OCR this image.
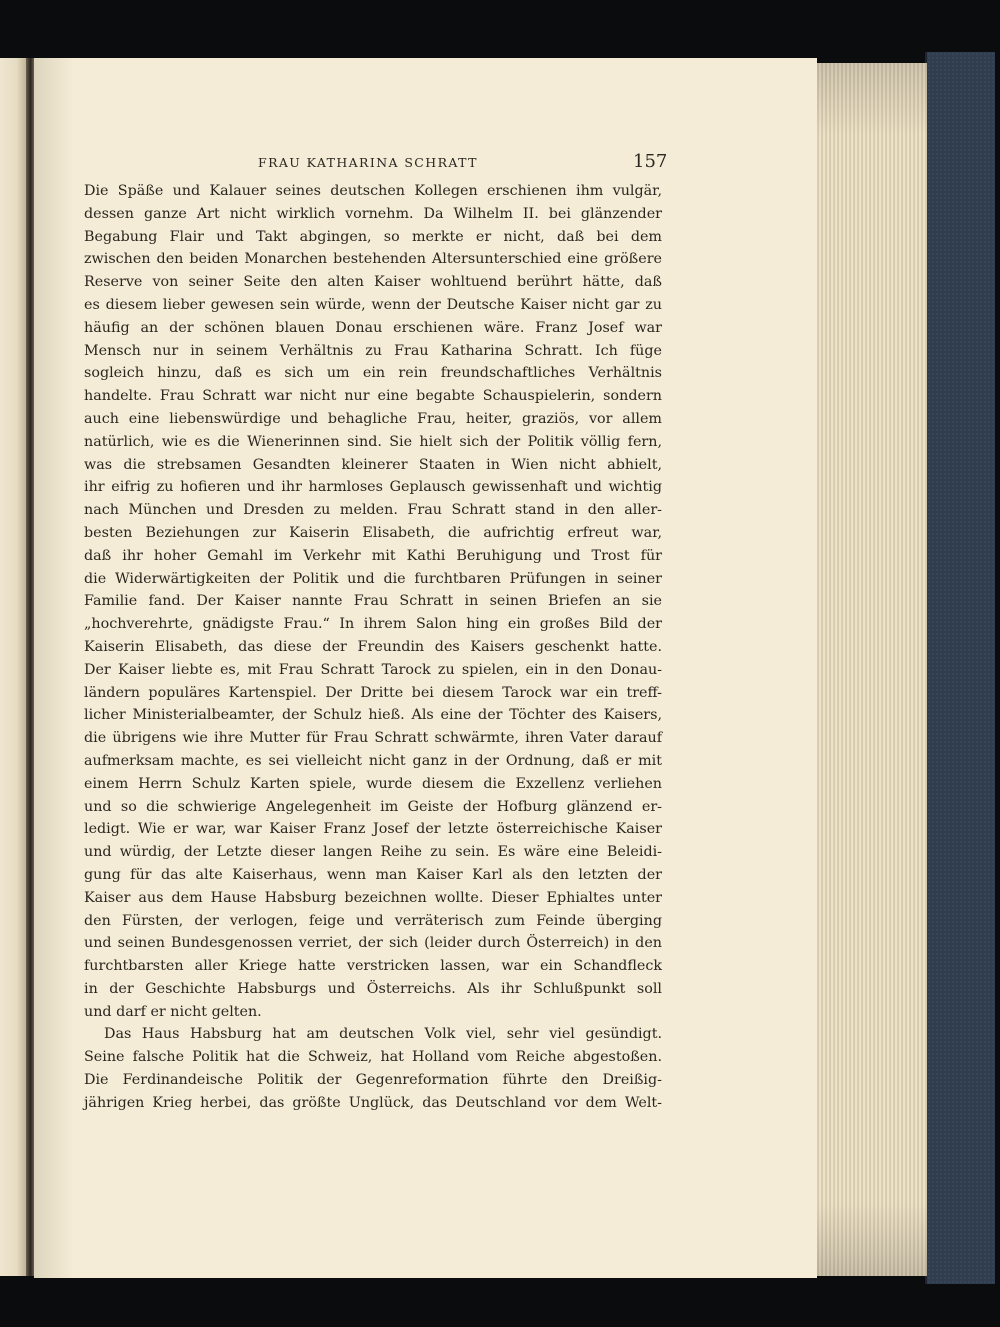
FRAU KATHARINA SCHRATT	157
Die Späße und Kalauer seines deutschen Kollegen erschienen ihm vulgär,
dessen ganze Art nicht wirklich vornehm. Da Wilhelm II. bei glänzender
Begabung Flair und Takt abgingen, so merkte er nicht, daß bei dem
zwischen den beiden Monarchen bestehenden Altersunterschied eine größere
Reserve von seiner Seite den alten Kaiser wohltuend berührt hätte, daß
es diesem lieber gewesen sein würde, wenn der Deutsche Kaiser nicht gar zu
häufig an der schönen blauen Donau erschienen wäre. Franz Josef war
Mensch nur in seinem Verhältnis zu Frau Katharina Schratt. Ich füge
sogleich hinzu, daß es sich um ein rein freundschaftliches Verhältnis
handelte. Frau Schratt war nicht nur eine begabte Schauspielerin, sondern
auch eine liebenswürdige und behagliche Frau, heiter, graziös, vor allem
natürlich, wie es die Wienerinnen sind. Sie hielt sich der Politik völlig fern,
was die strebsamen Gesandten kleinerer Staaten in Wien nicht abhielt,
ihr eifrig zu hofieren und ihr harmloses Geplausch gewissenhaft und wichtig
nach München und Dresden zu melden. Frau Schratt stand in den aller-
besten Beziehungen zur Kaiserin Elisabeth, die aufrichtig erfreut war,
daß ihr hoher Gemahl im Verkehr mit Kathi Beruhigung und Trost für
die Widerwärtigkeiten der Politik und die furchtbaren Prüfungen in seiner
Familie fand. Der Kaiser nannte Frau Schratt in seinen Briefen an sie
„hochverehrte, gnädigste Frau.“ In ihrem Salon hing ein großes Bild der
Kaiserin Elisabeth, das diese der Freundin des Kaisers geschenkt hatte.
Der Kaiser liebte es, mit Frau Schratt Tarock zu spielen, ein in den Donau-
ländern populäres Kartenspiel. Der Dritte bei diesem Tarock war ein treff-
licher Ministerialbeamter, der Schulz hieß. Als eine der Töchter des Kaisers,
die übrigens wie ihre Mutter für Frau Schratt schwärmte, ihren Vater darauf
aufmerksam machte, es sei vielleicht nicht ganz in der Ordnung, daß er mit
einem Herrn Schulz Karten spiele, wurde diesem die Exzellenz verliehen
und so die schwierige Angelegenheit im Geiste der Hofburg glänzend er-
ledigt. Wie er war, war Kaiser Franz Josef der letzte österreichische Kaiser
und würdig, der Letzte dieser langen Reihe zu sein. Es wäre eine Beleidi-
gung für das alte Kaiserhaus, wenn man Kaiser Karl als den letzten der
Kaiser aus dem Hause Habsburg bezeichnen wollte. Dieser Ephialtes unter
den Fürsten, der verlogen, feige und verräterisch zum Feinde überging
und seinen Bundesgenossen verriet, der sich (leider durch Österreich) in den
furchtbarsten aller Kriege hatte verstricken lassen, war ein Schandfleck
in der Geschichte Habsburgs und Österreichs. Als ihr Schlußpunkt soll
und darf er nicht gelten.
Das Haus Habsburg hat am deutschen Volk viel, sehr viel gesündigt.
Seine falsche Politik hat die Schweiz, hat Holland vom Reiche abgestoßen.
Die Ferdinandeische Politik der Gegenreformation führte den Dreißig-
jährigen Krieg herbei, das größte Unglück, das Deutschland vor dem Welt-
